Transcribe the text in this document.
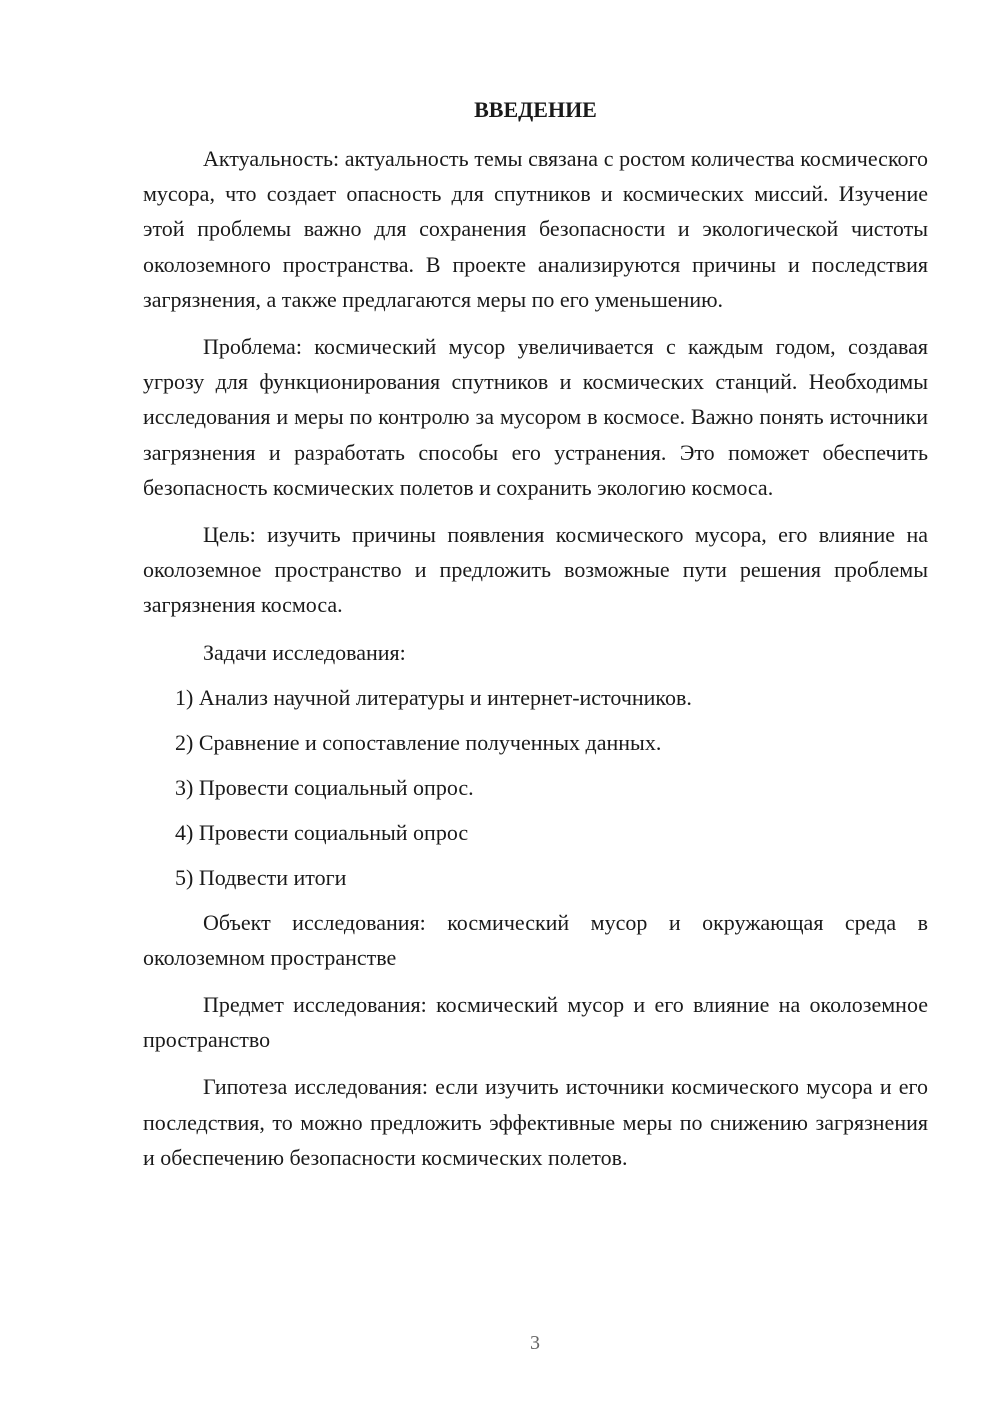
ВВЕДЕНИЕ

Актуальность: актуальность темы связана с ростом количества космического мусора, что создает опасность для спутников и космических миссий. Изучение этой проблемы важно для сохранения безопасности и экологической чистоты околоземного пространства. В проекте анализируются причины и последствия загрязнения, а также предлагаются меры по его уменьшению.

Проблема: космический мусор увеличивается с каждым годом, создавая угрозу для функционирования спутников и космических станций. Необходимы исследования и меры по контролю за мусором в космосе. Важно понять источники загрязнения и разработать способы его устранения. Это поможет обеспечить безопасность космических полетов и сохранить экологию космоса.

Цель: изучить причины появления космического мусора, его влияние на околоземное пространство и предложить возможные пути решения проблемы загрязнения космоса.

Задачи исследования:

1) Анализ научной литературы и интернет-источников.
2) Сравнение и сопоставление полученных данных.
3) Провести социальный опрос.
4) Провести социальный опрос
5) Подвести итоги

Объект исследования: космический мусор и окружающая среда в околоземном пространстве

Предмет исследования: космический мусор и его влияние на околоземное пространство

Гипотеза исследования: если изучить источники космического мусора и его последствия, то можно предложить эффективные меры по снижению загрязнения и обеспечению безопасности космических полетов.

3
